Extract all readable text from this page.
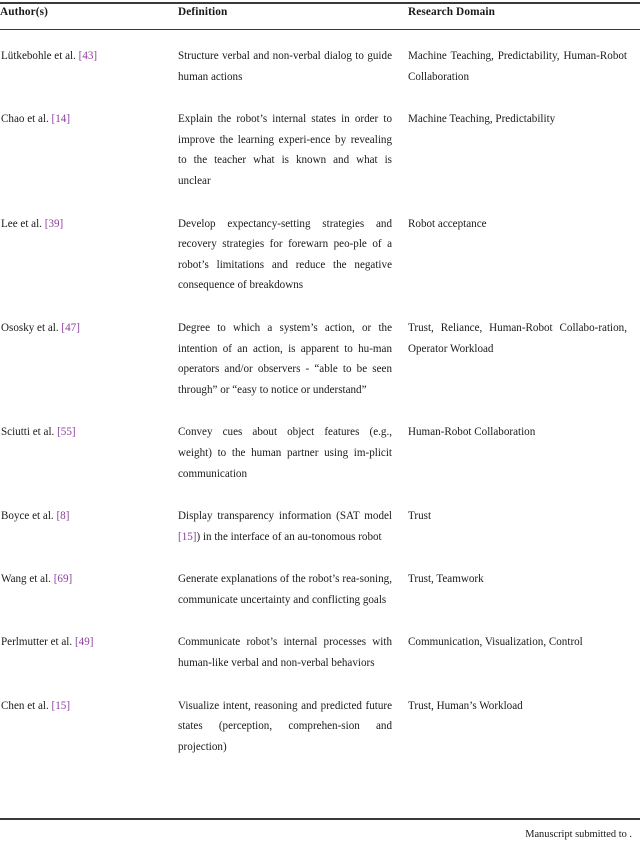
Author(s)	Definition	Research Domain
Lütkebohle et al. [43]	Structure verbal and non-verbal dialog to guide human actions	Machine Teaching, Predictability, Human-Robot Collaboration
Chao et al. [14]	Explain the robot’s internal states in order to improve the learning experi-ence by revealing to the teacher what is known and what is unclear	Machine Teaching, Predictability
Lee et al. [39]	Develop expectancy-setting strategies and recovery strategies for forewarn peo-ple of a robot’s limitations and reduce the negative consequence of breakdowns	Robot acceptance
Ososky et al. [47]	Degree to which a system’s action, or the intention of an action, is apparent to hu-man operators and/or observers - “able to be seen through” or “easy to notice or understand”	Trust, Reliance, Human-Robot Collabo-ration, Operator Workload
Sciutti et al. [55]	Convey cues about object features (e.g., weight) to the human partner using im-plicit communication	Human-Robot Collaboration
Boyce et al. [8]	Display transparency information (SAT model [15]) in the interface of an au-tonomous robot	Trust
Wang et al. [69]	Generate explanations of the robot’s rea-soning, communicate uncertainty and conflicting goals	Trust, Teamwork
Perlmutter et al. [49]	Communicate robot’s internal processes with human-like verbal and non-verbal behaviors	Communication, Visualization, Control
Chen et al. [15]	Visualize intent, reasoning and predicted future states (perception, comprehen-sion and projection)	Trust, Human’s Workload
Manuscript submitted to .
